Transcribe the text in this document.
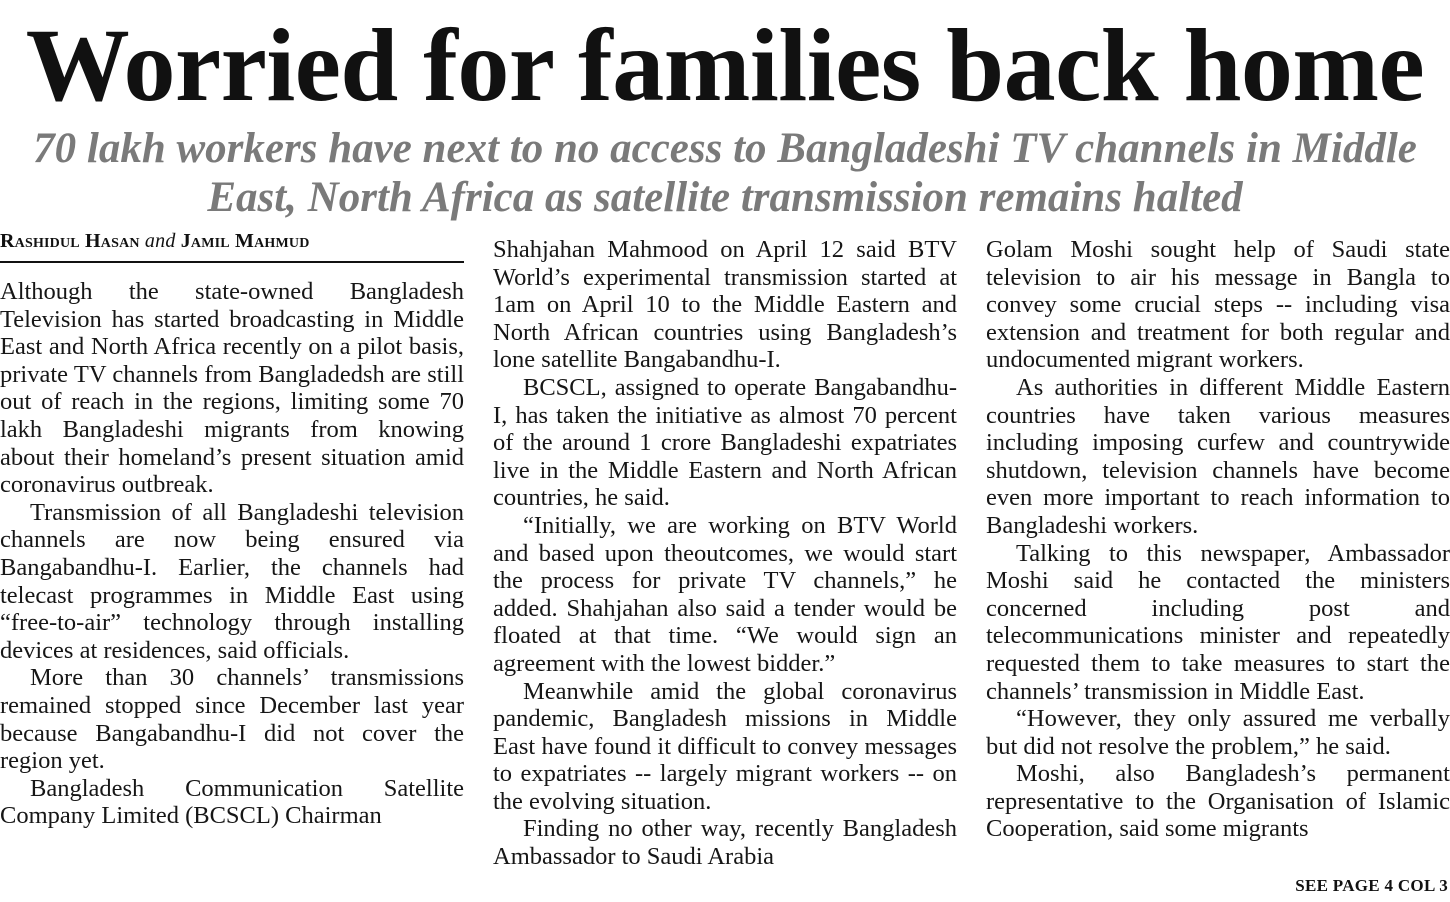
Worried for families back home
70 lakh workers have next to no access to Bangladeshi TV channels in Middle East, North Africa as satellite transmission remains halted
Rashidul Hasan and Jamil Mahmud

Although the state-owned Bangladesh Television has started broadcasting in Middle East and North Africa recently on a pilot basis, private TV channels from Bangladedsh are still out of reach in the regions, limiting some 70 lakh Bangladeshi migrants from knowing about their homeland’s present situation amid coronavirus outbreak.

Transmission of all Bangladeshi television channels are now being ensured via Bangabandhu-I. Earlier, the channels had telecast programmes in Middle East using “free-to-air” technology through installing devices at residences, said officials.

More than 30 channels’ transmissions remained stopped since December last year because Bangabandhu-I did not cover the region yet.

Bangladesh Communication Satellite Company Limited (BCSCL) Chairman

Shahjahan Mahmood on April 12 said BTV World’s experimental transmission started at 1am on April 10 to the Middle Eastern and North African countries using Bangladesh’s lone satellite Bangabandhu-I.

BCSCL, assigned to operate Bangabandhu-I, has taken the initiative as almost 70 percent of the around 1 crore Bangladeshi expatriates live in the Middle Eastern and North African countries, he said.

“Initially, we are working on BTV World and based upon theoutcomes, we would start the process for private TV channels,” he added. Shahjahan also said a tender would be floated at that time. “We would sign an agreement with the lowest bidder.”

Meanwhile amid the global coronavirus pandemic, Bangladesh missions in Middle East have found it difficult to convey messages to expatriates -- largely migrant workers -- on the evolving situation.

Finding no other way, recently Bangladesh Ambassador to Saudi Arabia

Golam Moshi sought help of Saudi state television to air his message in Bangla to convey some crucial steps -- including visa extension and treatment for both regular and undocumented migrant workers.

As authorities in different Middle Eastern countries have taken various measures including imposing curfew and countrywide shutdown, television channels have become even more important to reach information to Bangladeshi workers.

Talking to this newspaper, Ambassador Moshi said he contacted the ministers concerned including post and telecommunications minister and repeatedly requested them to take measures to start the channels’ transmission in Middle East.

“However, they only assured me verbally but did not resolve the problem,” he said.

Moshi, also Bangladesh’s permanent representative to the Organisation of Islamic Cooperation, said some migrants

SEE PAGE 4 COL 3
